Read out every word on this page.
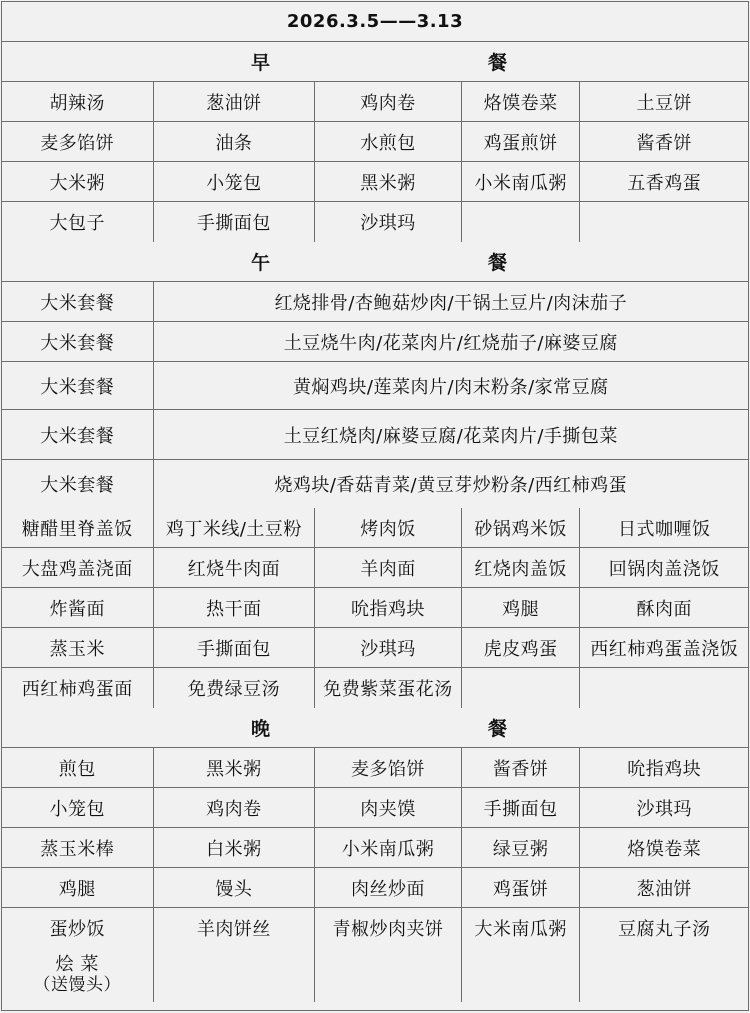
2026.3.5——3.13
早	餐
胡辣汤	葱油饼	鸡肉卷	烙馍卷菜	土豆饼
麦多馅饼	油条	水煎包	鸡蛋煎饼	酱香饼
大米粥	小笼包	黑米粥	小米南瓜粥	五香鸡蛋
大包子	手撕面包	沙琪玛
午	餐
大米套餐	红烧排骨/杏鲍菇炒肉/干锅土豆片/肉沫茄子
大米套餐	土豆烧牛肉/花菜肉片/红烧茄子/麻婆豆腐
大米套餐	黄焖鸡块/莲菜肉片/肉末粉条/家常豆腐
大米套餐	土豆红烧肉/麻婆豆腐/花菜肉片/手撕包菜
大米套餐	烧鸡块/香菇青菜/黄豆芽炒粉条/西红柿鸡蛋
糖醋里脊盖饭	鸡丁米线/土豆粉	烤肉饭	砂锅鸡米饭	日式咖喱饭
大盘鸡盖浇面	红烧牛肉面	羊肉面	红烧肉盖饭	回锅肉盖浇饭
炸酱面	热干面	吮指鸡块	鸡腿	酥肉面
蒸玉米	手撕面包	沙琪玛	虎皮鸡蛋	西红柿鸡蛋盖浇饭
西红柿鸡蛋面	免费绿豆汤	免费紫菜蛋花汤
晚	餐
煎包	黑米粥	麦多馅饼	酱香饼	吮指鸡块
小笼包	鸡肉卷	肉夹馍	手撕面包	沙琪玛
蒸玉米棒	白米粥	小米南瓜粥	绿豆粥	烙馍卷菜
鸡腿	馒头	肉丝炒面	鸡蛋饼	葱油饼
蛋炒饭	羊肉饼丝	青椒炒肉夹饼	大米南瓜粥	豆腐丸子汤
烩 菜
（送馒头）
